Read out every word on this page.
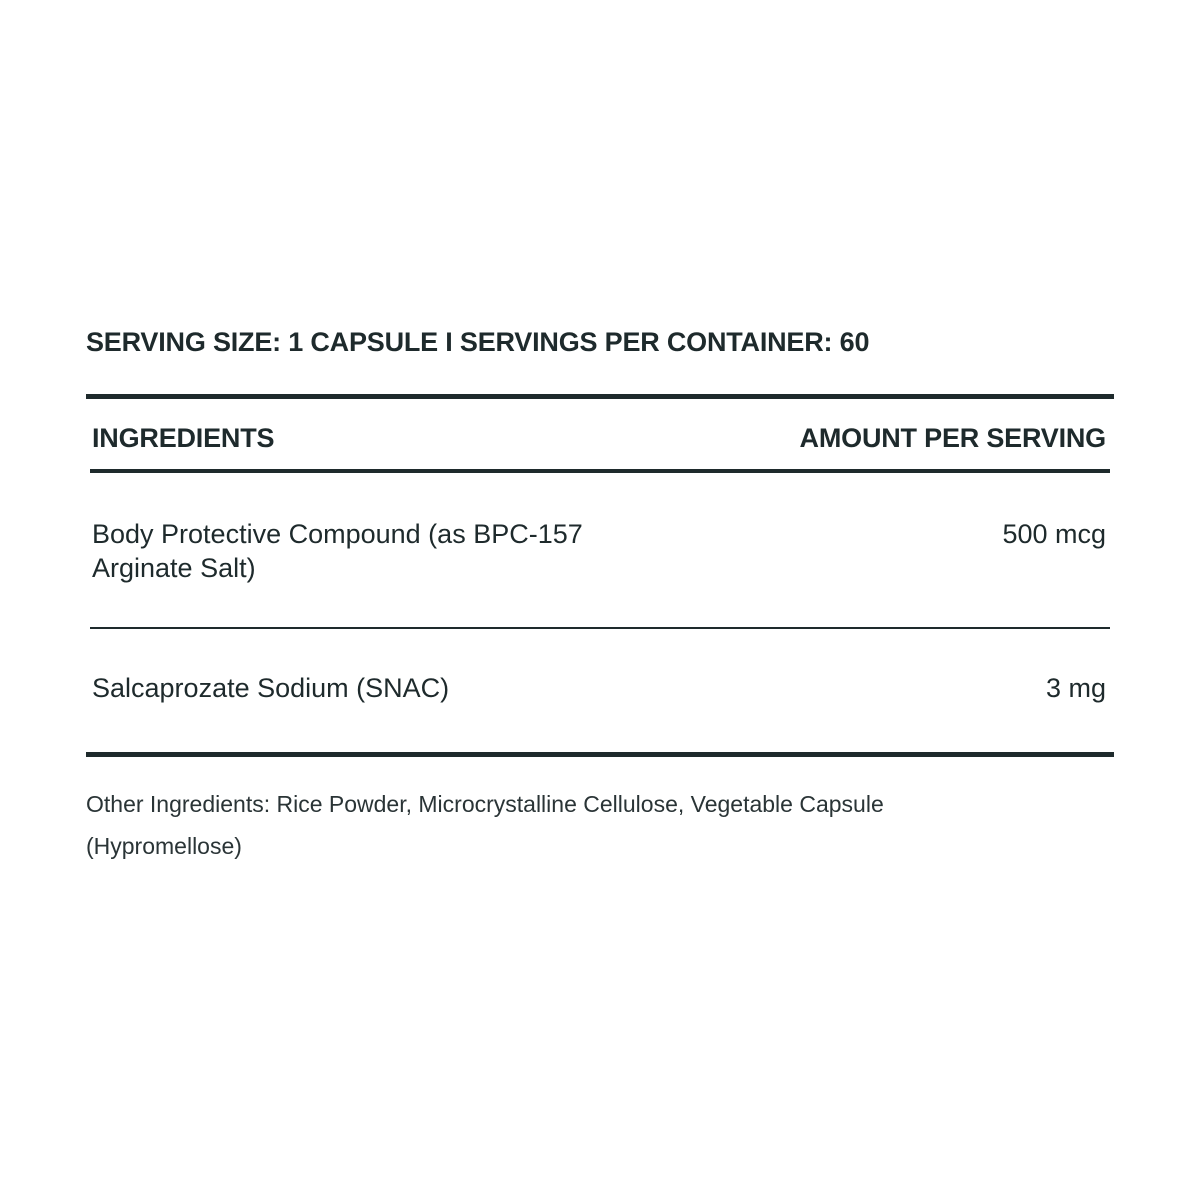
SERVING SIZE: 1 CAPSULE I SERVINGS PER CONTAINER: 60
INGREDIENTS	AMOUNT PER SERVING
Body Protective Compound (as BPC-157 Arginate Salt)
500 mcg
Salcaprozate Sodium (SNAC)	3 mg
Other Ingredients: Rice Powder, Microcrystalline Cellulose, Vegetable Capsule (Hypromellose)
